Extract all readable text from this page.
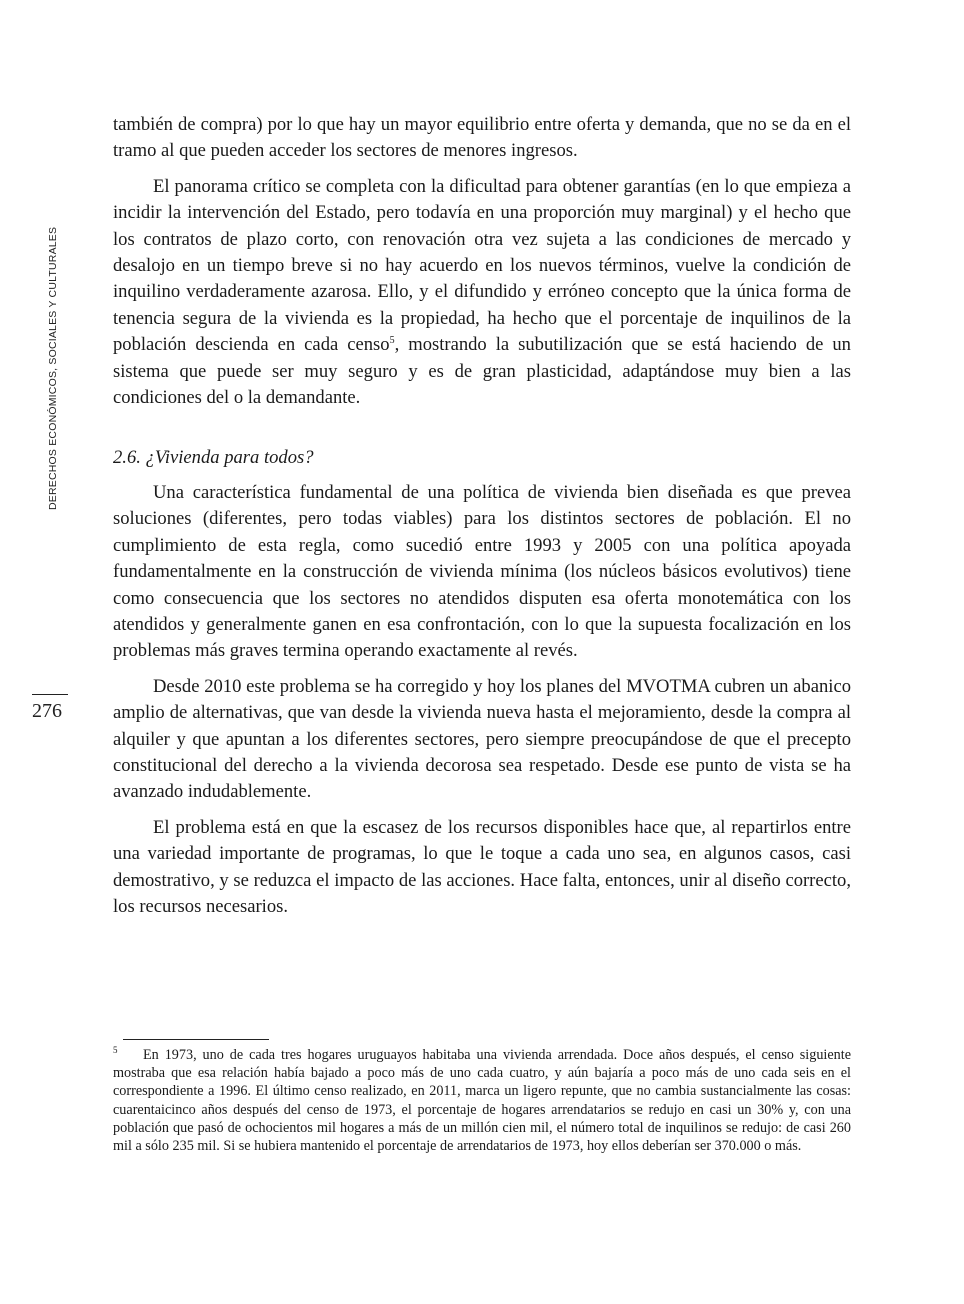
DERECHOS ECONÓMICOS, SOCIALES Y CULTURALES
276

también de compra) por lo que hay un mayor equilibrio entre oferta y demanda, que no se da en el tramo al que pueden acceder los sectores de menores ingresos.

El panorama crítico se completa con la dificultad para obtener garantías (en lo que empieza a incidir la intervención del Estado, pero todavía en una proporción muy marginal) y el hecho que los contratos de plazo corto, con renovación otra vez sujeta a las condiciones de mercado y desalojo en un tiempo breve si no hay acuerdo en los nuevos términos, vuelve la condición de inquilino verdaderamente azarosa. Ello, y el difundido y erróneo concepto que la única forma de tenencia segura de la vivienda es la propiedad, ha hecho que el porcentaje de inquilinos de la población descienda en cada censo$^5$, mostrando la subutilización que se está haciendo de un sistema que puede ser muy seguro y es de gran plasticidad, adaptándose muy bien a las condiciones del o la demandante.

2.6. ¿Vivienda para todos?

Una característica fundamental de una política de vivienda bien diseñada es que prevea soluciones (diferentes, pero todas viables) para los distintos sectores de población. El no cumplimiento de esta regla, como sucedió entre 1993 y 2005 con una política apoyada fundamentalmente en la construcción de vivienda mínima (los núcleos básicos evolutivos) tiene como consecuencia que los sectores no atendidos disputen esa oferta monotemática con los atendidos y generalmente ganen en esa confrontación, con lo que la supuesta focalización en los problemas más graves termina operando exactamente al revés.

Desde 2010 este problema se ha corregido y hoy los planes del MVOTMA cubren un abanico amplio de alternativas, que van desde la vivienda nueva hasta el mejoramiento, desde la compra al alquiler y que apuntan a los diferentes sectores, pero siempre preocupándose de que el precepto constitucional del derecho a la vivienda decorosa sea respetado. Desde ese punto de vista se ha avanzado indudablemente.

El problema está en que la escasez de los recursos disponibles hace que, al repartirlos entre una variedad importante de programas, lo que le toque a cada uno sea, en algunos casos, casi demostrativo, y se reduzca el impacto de las acciones. Hace falta, entonces, unir al diseño correcto, los recursos necesarios.

5 En 1973, uno de cada tres hogares uruguayos habitaba una vivienda arrendada. Doce años después, el censo siguiente mostraba que esa relación había bajado a poco más de uno cada cuatro, y aún bajaría a poco más de uno cada seis en el correspondiente a 1996. El último censo realizado, en 2011, marca un ligero repunte, que no cambia sustancialmente las cosas: cuarentaicinco años después del censo de 1973, el porcentaje de hogares arrendatarios se redujo en casi un 30% y, con una población que pasó de ochocientos mil hogares a más de un millón cien mil, el número total de inquilinos se redujo: de casi 260 mil a sólo 235 mil. Si se hubiera mantenido el porcentaje de arrendatarios de 1973, hoy ellos deberían ser 370.000 o más.
